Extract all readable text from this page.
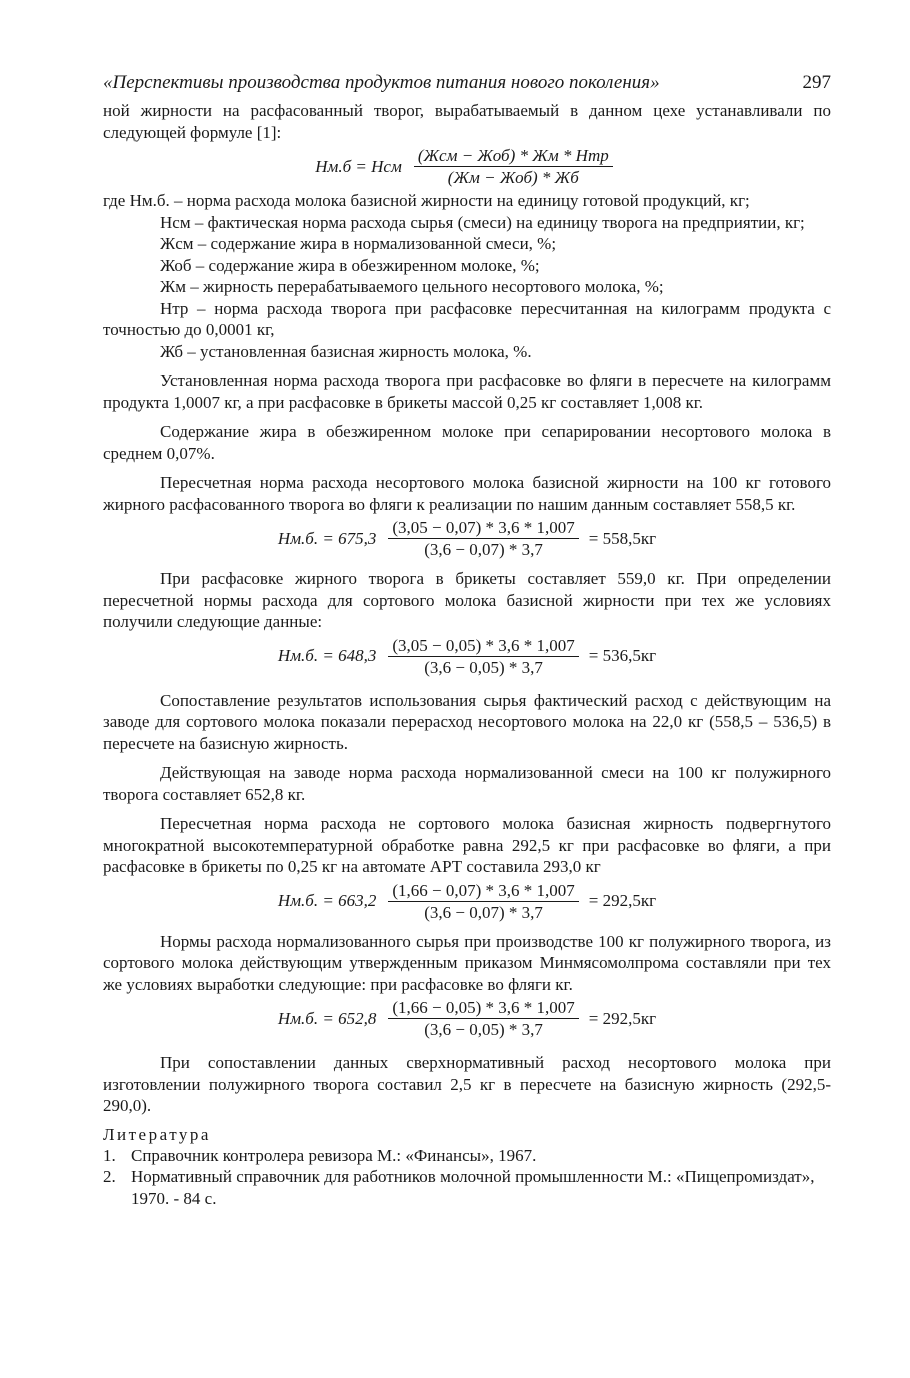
«Перспективы производства продуктов питания нового поколения»	297

ной жирности на расфасованный творог, вырабатываемый в данном цехе устанавливали по следующей формуле [1]:

Hм.б = Hсм $\frac{\text{(Жсм − Жоб) * Жм * Hтр}}{\text{(Жм − Жоб) * Жб}}$

где Hм.б. – норма расхода молока базисной жирности на единицу готовой продукций, кг;

Hсм – фактическая норма расхода сырья (смеси) на единицу творога на предприятии, кг;

Жсм – содержание жира в нормализованной смеси, %;

Жоб – содержание жира в обезжиренном молоке, %;

Жм – жирность перерабатываемого цельного несортового молока, %;

Hтр – норма расхода творога при расфасовке пересчитанная на килограмм продукта с точностью до 0,0001 кг,

Жб – установленная базисная жирность молока, %.

Установленная норма расхода творога при расфасовке во фляги в пересчете на килограмм продукта 1,0007 кг, а при расфасовке в брикеты массой 0,25 кг составляет 1,008 кг.

Содержание жира в обезжиренном молоке при сепарировании несортового молока в среднем 0,07%.

Пересчетная норма расхода несортового молока базисной жирности на 100 кг готового жирного расфасованного творога во фляги к реализации по нашим данным составляет 558,5 кг.

Hм.б. = $675,3 \frac{(3,05 - 0,07) * 3,6 * 1,007}{(3,6 - 0,07) * 3,7} = 558,5кг$

При расфасовке жирного творога в брикеты составляет 559,0 кг. При определении пересчетной нормы расхода для сортового молока базисной жирности при тех же условиях получили следующие данные:

Hм.б. = $648,3 \frac{(3,05 - 0,05) * 3,6 * 1,007}{(3,6 - 0,05) * 3,7} = 536,5кг$

Сопоставление результатов использования сырья фактический расход с действующим на заводе для сортового молока показали перерасход несортового молока на 22,0 кг (558,5 – 536,5) в пересчете на базисную жирность.

Действующая на заводе норма расхода нормализованной смеси на 100 кг полужирного творога составляет 652,8 кг.

Пересчетная норма расхода не сортового молока базисная жирность подвергнутого многократной высокотемпературной обработке равна 292,5 кг при расфасовке во фляги, а при расфасовке в брикеты по 0,25 кг на автомате АРТ составила 293,0 кг

Hм.б. = $663,2 \frac{(1,66 - 0,07) * 3,6 * 1,007}{(3,6 - 0,07) * 3,7} = 292,5кг$

Нормы расхода нормализованного сырья при производстве 100 кг полужирного творога, из сортового молока действующим утвержденным приказом Минмясомолпрома составляли при тех же условиях выработки следующие: при расфасовке во фляги кг.

Hм.б. = $652,8 \frac{(1,66 - 0,05) * 3,6 * 1,007}{(3,6 - 0,05) * 3,7} = 292,5кг$

При сопоставлении данных сверхнормативный расход несортового молока при изготовлении полужирного творога составил 2,5 кг в пересчете на базисную жирность (292,5-290,0).

Литература
1. Справочник контролера ревизора М.: «Финансы», 1967.
2. Нормативный справочник для работников молочной промышленности М.: «Пищепромиздат», 1970. - 84 с.
